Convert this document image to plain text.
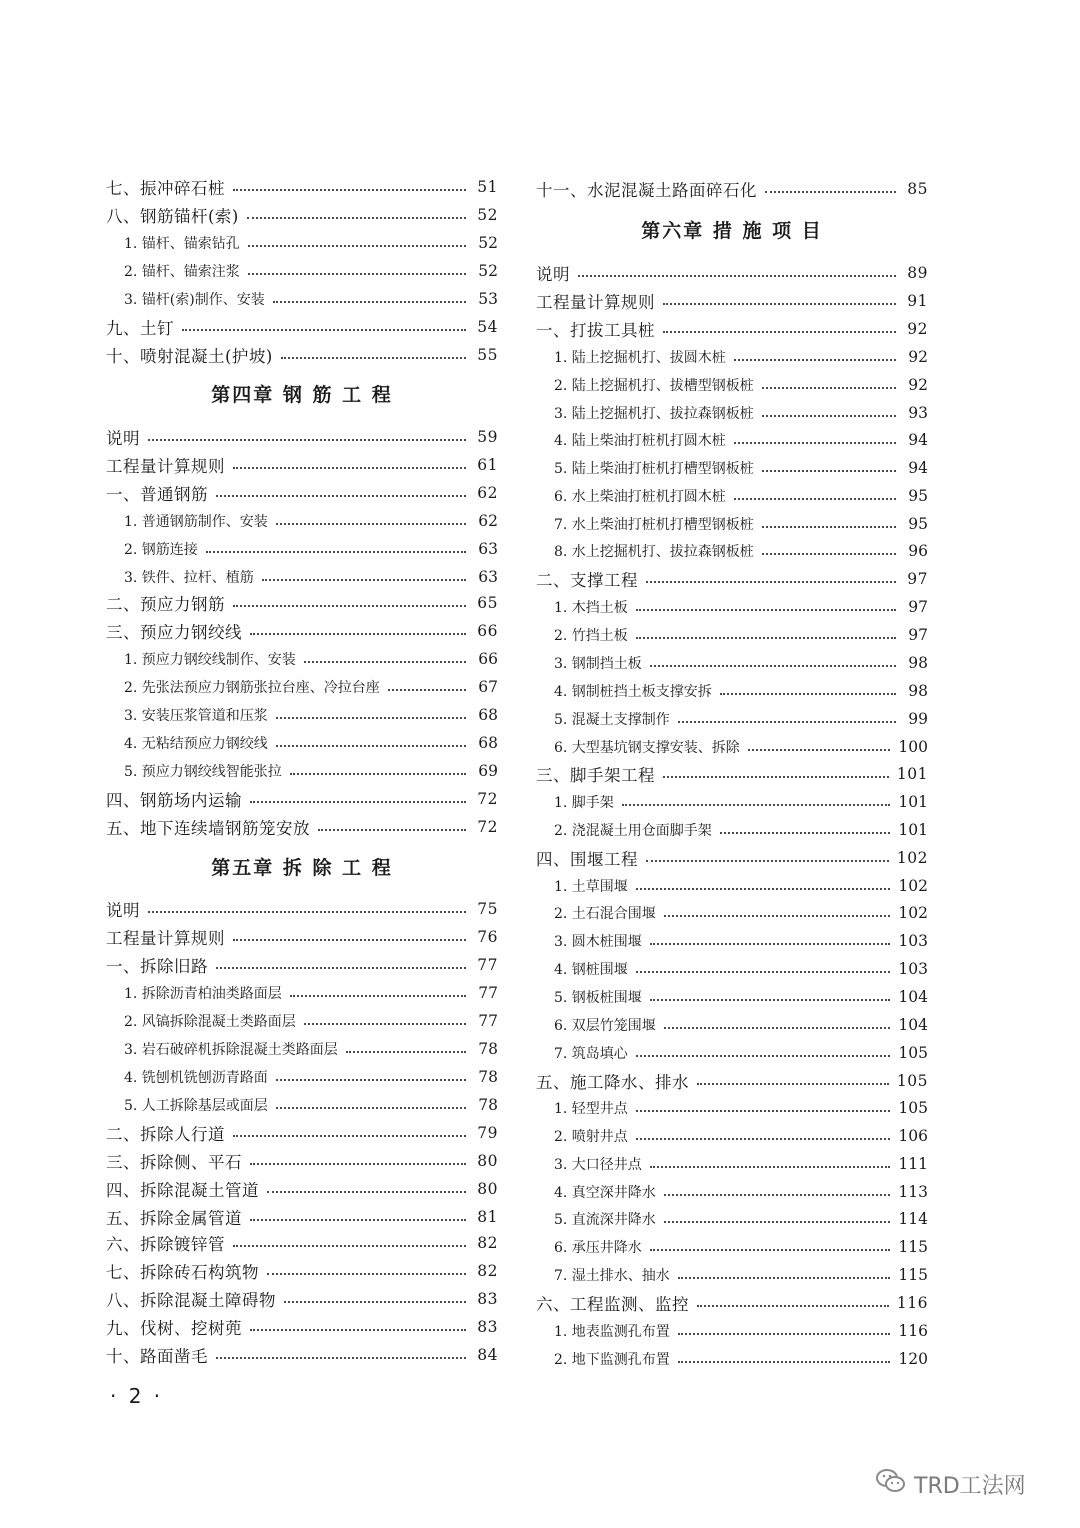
七、振冲碎石桩	51
八、钢筋锚杆(索)	52
1. 锚杆、锚索钻孔	52
2. 锚杆、锚索注浆	52
3. 锚杆(索)制作、安装	53
九、土钉	54
十、喷射混凝土(护坡)	55
第四章 钢 筋 工 程
说明	59
工程量计算规则	61
一、普通钢筋	62
1. 普通钢筋制作、安装	62
2. 钢筋连接	63
3. 铁件、拉杆、植筋	63
二、预应力钢筋	65
三、预应力钢绞线	66
1. 预应力钢绞线制作、安装	66
2. 先张法预应力钢筋张拉台座、冷拉台座	67
3. 安装压浆管道和压浆	68
4. 无粘结预应力钢绞线	68
5. 预应力钢绞线智能张拉	69
四、钢筋场内运输	72
五、地下连续墙钢筋笼安放	72
第五章 拆 除 工 程
说明	75
工程量计算规则	76
一、拆除旧路	77
1. 拆除沥青柏油类路面层	77
2. 风镐拆除混凝土类路面层	77
3. 岩石破碎机拆除混凝土类路面层	78
4. 铣刨机铣刨沥青路面	78
5. 人工拆除基层或面层	78
二、拆除人行道	79
三、拆除侧、平石	80
四、拆除混凝土管道	80
五、拆除金属管道	81
六、拆除镀锌管	82
七、拆除砖石构筑物	82
八、拆除混凝土障碍物	83
九、伐树、挖树蔸	83
十、路面凿毛	84
十一、水泥混凝土路面碎石化	85
第六章 措 施 项 目
说明	89
工程量计算规则	91
一、打拔工具桩	92
1. 陆上挖掘机打、拔圆木桩	92
2. 陆上挖掘机打、拔槽型钢板桩	92
3. 陆上挖掘机打、拔拉森钢板桩	93
4. 陆上柴油打桩机打圆木桩	94
5. 陆上柴油打桩机打槽型钢板桩	94
6. 水上柴油打桩机打圆木桩	95
7. 水上柴油打桩机打槽型钢板桩	95
8. 水上挖掘机打、拔拉森钢板桩	96
二、支撑工程	97
1. 木挡土板	97
2. 竹挡土板	97
3. 钢制挡土板	98
4. 钢制桩挡土板支撑安拆	98
5. 混凝土支撑制作	99
6. 大型基坑钢支撑安装、拆除	100
三、脚手架工程	101
1. 脚手架	101
2. 浇混凝土用仓面脚手架	101
四、围堰工程	102
1. 土草围堰	102
2. 土石混合围堰	102
3. 圆木桩围堰	103
4. 钢桩围堰	103
5. 钢板桩围堰	104
6. 双层竹笼围堰	104
7. 筑岛填心	105
五、施工降水、排水	105
1. 轻型井点	105
2. 喷射井点	106
3. 大口径井点	111
4. 真空深井降水	113
5. 直流深井降水	114
6. 承压井降水	115
7. 湿土排水、抽水	115
六、工程监测、监控	116
1. 地表监测孔布置	116
2. 地下监测孔布置	120
· 2 ·
TRD工法网
